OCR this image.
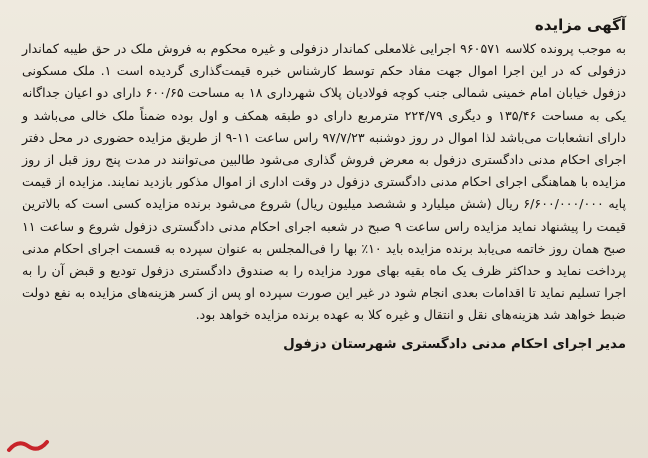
آگهی مزایده

به موجب پرونده کلاسه ۹۶۰۵۷۱ اجرایی غلامعلی کماندار دزفولی و غیره محکوم به فروش ملک در حق طیبه کماندار دزفولی که در این اجرا اموال جهت مفاد حکم توسط کارشناس خبره قیمت‌گذاری گردیده است ۱. ملک مسکونی دزفول خیابان امام خمینی شمالی جنب کوچه فولادیان پلاک شهرداری ۱۸ به مساحت ۶۰۰/۶۵ دارای دو اعیان جداگانه یکی به مساحت ۱۳۵/۴۶ و دیگری ۲۲۴/۷۹ مترمربع دارای دو طبقه همکف و اول بوده ضمناً ملک خالی می‌باشد و دارای انشعابات می‌باشد لذا اموال در روز دوشنبه ۹۷/۷/۲۳ راس ساعت ۱۱-۹ از طریق مزایده حضوری در محل دفتر اجرای احکام مدنی دادگستری دزفول به معرض فروش گذاری می‌شود طالبین می‌توانند در مدت پنج روز قبل از روز مزایده با هماهنگی اجرای احکام مدنی دادگستری دزفول در وقت اداری از اموال مذکور بازدید نمایند. مزایده از قیمت پایه ۶/۶۰۰/۰۰۰/۰۰۰ ریال (شش میلیارد و ششصد میلیون ریال) شروع می‌شود برنده مزایده کسی است که بالاترین قیمت را پیشنهاد نماید مزایده راس ساعت ۹ صبح در شعبه اجرای احکام مدنی دادگستری دزفول شروع و ساعت ۱۱ صبح همان روز خاتمه می‌یابد برنده مزایده باید ۱۰٪ بها را فی‌المجلس به عنوان سپرده به قسمت اجرای احکام مدنی پرداخت نماید و حداکثر ظرف یک ماه بقیه بهای مورد مزایده را به صندوق دادگستری دزفول تودیع و قبض آن را به اجرا تسلیم نماید تا اقدامات بعدی انجام شود در غیر این صورت سپرده او پس از کسر هزینه‌های مزایده به نفع دولت ضبط خواهد شد هزینه‌های نقل و انتقال و غیره کلا به عهده برنده مزایده خواهد بود.

مدیر اجرای احکام مدنی دادگستری شهرستان دزفول
